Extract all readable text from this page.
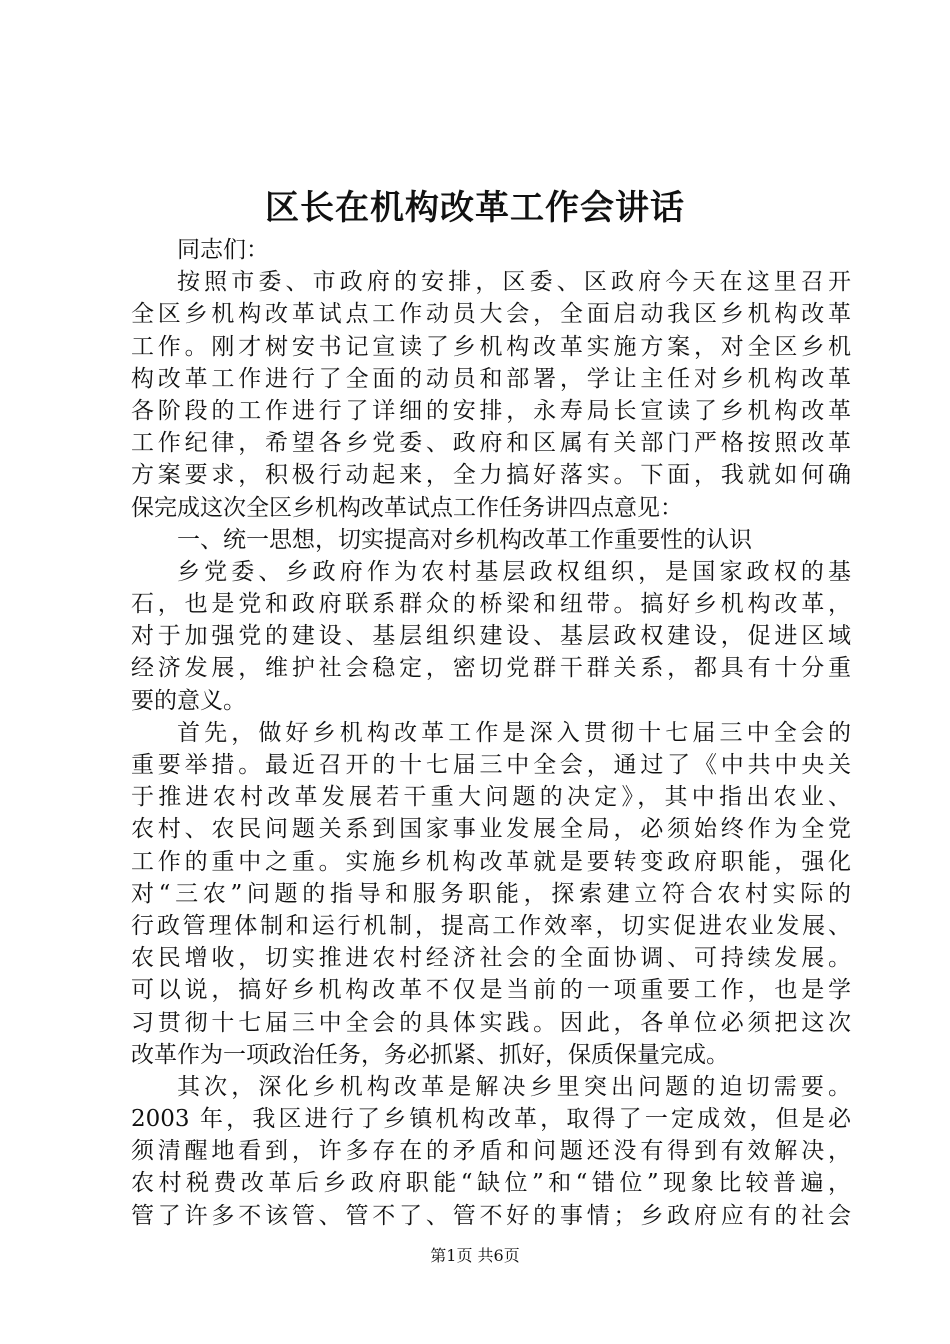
区长在机构改革工作会讲话
同志们：
按照市委、市政府的安排，区委、区政府今天在这里召开
全区乡机构改革试点工作动员大会，全面启动我区乡机构改革
工作。刚才树安书记宣读了乡机构改革实施方案，对全区乡机
构改革工作进行了全面的动员和部署，学让主任对乡机构改革
各阶段的工作进行了详细的安排，永寿局长宣读了乡机构改革
工作纪律，希望各乡党委、政府和区属有关部门严格按照改革
方案要求，积极行动起来，全力搞好落实。下面，我就如何确
保完成这次全区乡机构改革试点工作任务讲四点意见：
一、统一思想，切实提高对乡机构改革工作重要性的认识
乡党委、乡政府作为农村基层政权组织，是国家政权的基
石，也是党和政府联系群众的桥梁和纽带。搞好乡机构改革，
对于加强党的建设、基层组织建设、基层政权建设，促进区域
经济发展，维护社会稳定，密切党群干群关系，都具有十分重
要的意义。
首先，做好乡机构改革工作是深入贯彻十七届三中全会的
重要举措。最近召开的十七届三中全会，通过了《中共中央关
于推进农村改革发展若干重大问题的决定》，其中指出农业、
农村、农民问题关系到国家事业发展全局，必须始终作为全党
工作的重中之重。实施乡机构改革就是要转变政府职能，强化
对“三农”问题的指导和服务职能，探索建立符合农村实际的
行政管理体制和运行机制，提高工作效率，切实促进农业发展、
农民增收，切实推进农村经济社会的全面协调、可持续发展。
可以说，搞好乡机构改革不仅是当前的一项重要工作，也是学
习贯彻十七届三中全会的具体实践。因此，各单位必须把这次
改革作为一项政治任务，务必抓紧、抓好，保质保量完成。
其次，深化乡机构改革是解决乡里突出问题的迫切需要。
2003 年，我区进行了乡镇机构改革，取得了一定成效，但是必
须清醒地看到，许多存在的矛盾和问题还没有得到有效解决，
农村税费改革后乡政府职能“缺位”和“错位”现象比较普遍，
管了许多不该管、管不了、管不好的事情；乡政府应有的社会
第1页 共6页
